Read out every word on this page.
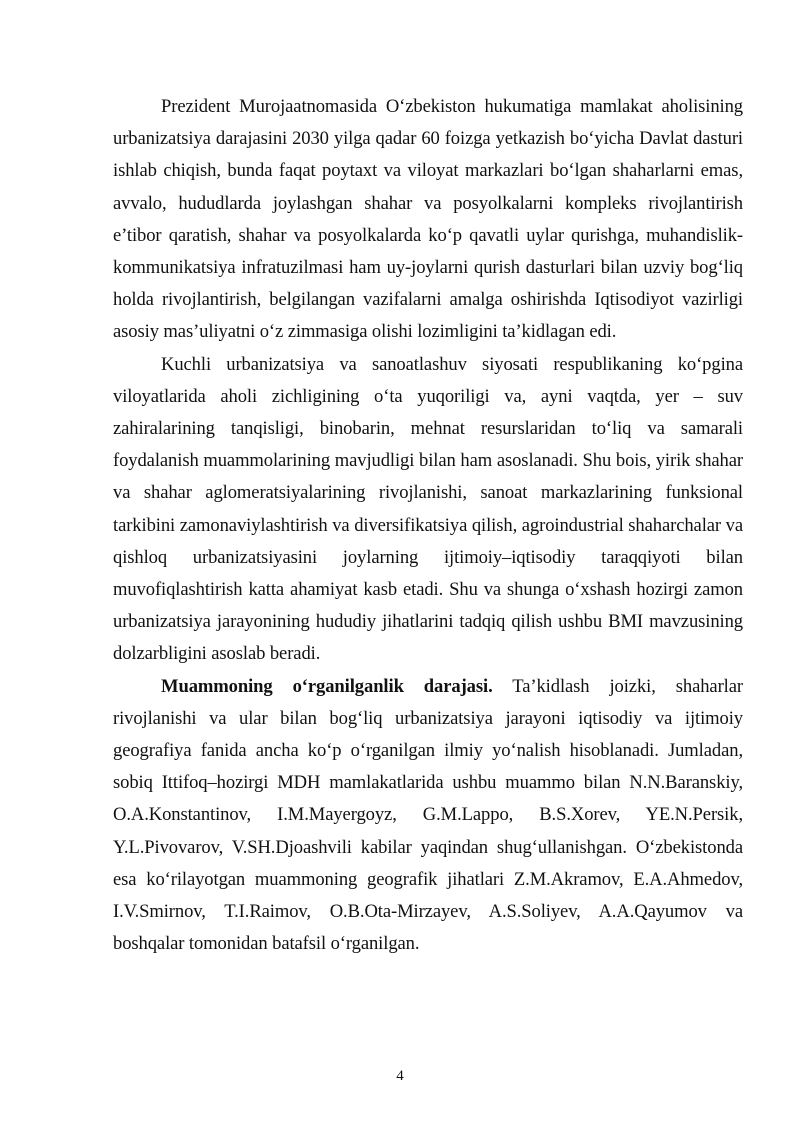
Prezident Murojaatnomasida O‘zbekiston hukumatiga mamlakat aholisining urbanizatsiya darajasini 2030 yilga qadar 60 foizga yetkazish bo‘yicha Davlat dasturi ishlab chiqish, bunda faqat poytaxt va viloyat markazlari bo‘lgan shaharlarni emas, avvalo, hududlarda joylashgan shahar va posyolkalarni kompleks rivojlantirish e’tibor qaratish, shahar va posyolkalarda ko‘p qavatli uylar qurishga, muhandislik-kommunikatsiya infratuzilmasi ham uy-joylarni qurish dasturlari bilan uzviy bog‘liq holda rivojlantirish, belgilangan vazifalarni amalga oshirishda Iqtisodiyot vazirligi asosiy mas’uliyatni o‘z zimmasiga olishi lozimligini ta’kidlagan edi.

Kuchli urbanizatsiya va sanoatlashuv siyosati respublikaning ko‘pgina viloyatlarida aholi zichligining o‘ta yuqoriligi va, ayni vaqtda, yer – suv zahiralarining tanqisligi, binobarin, mehnat resurslaridan to‘liq va samarali foydalanish muammolarining mavjudligi bilan ham asoslanadi. Shu bois, yirik shahar va shahar aglomeratsiyalarining rivojlanishi, sanoat markazlarining funksional tarkibini zamonaviylashtirish va diversifikatsiya qilish, agroindustrial shaharchalar va qishloq urbanizatsiyasini joylarning ijtimoiy–iqtisodiy taraqqiyoti bilan muvofiqlashtirish katta ahamiyat kasb etadi. Shu va shunga o‘xshash hozirgi zamon urbanizatsiya jarayonining hududiy jihatlarini tadqiq qilish ushbu BMI mavzusining dolzarbligini asoslab beradi.

Muammoning o‘rganilganlik darajasi. Ta’kidlash joizki, shaharlar rivojlanishi va ular bilan bog‘liq urbanizatsiya jarayoni iqtisodiy va ijtimoiy geografiya fanida ancha ko‘p o‘rganilgan ilmiy yo‘nalish hisoblanadi. Jumladan, sobiq Ittifoq–hozirgi MDH mamlakatlarida ushbu muammo bilan N.N.Baranskiy, O.A.Konstantinov, I.M.Mayergoyz, G.M.Lappo, B.S.Xorev, YE.N.Persik, Y.L.Pivovarov, V.SH.Djoashvili kabilar yaqindan shug‘ullanishgan. O‘zbekistonda esa ko‘rilayotgan muammoning geografik jihatlari Z.M.Akramov, E.A.Ahmedov, I.V.Smirnov, T.I.Raimov, O.B.Ota-Mirzayev, A.S.Soliyev, A.A.Qayumov va boshqalar tomonidan batafsil o‘rganilgan.

4
